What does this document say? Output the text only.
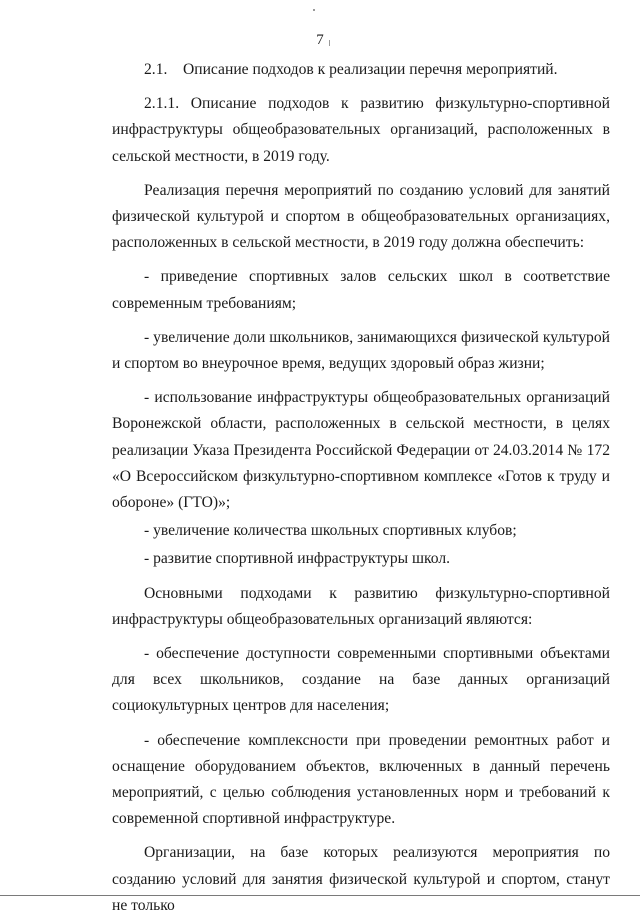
7

2.1.    Описание подходов к реализации перечня мероприятий.

2.1.1. Описание подходов к развитию физкультурно-спортивной инфраструктуры общеобразовательных организаций, расположенных в сельской местности, в 2019 году.

Реализация перечня мероприятий по созданию условий для занятий физической культурой и спортом в общеобразовательных организациях, расположенных в сельской местности, в 2019 году должна обеспечить:

- приведение спортивных залов сельских школ в соответствие современным требованиям;

- увеличение доли школьников, занимающихся физической культурой и спортом во внеурочное время, ведущих здоровый образ жизни;

- использование инфраструктуры общеобразовательных организаций Воронежской области, расположенных в сельской местности, в целях реализации Указа Президента Российской Федерации от 24.03.2014 № 172 «О Всероссийском физкультурно-спортивном комплексе «Готов к труду и обороне» (ГТО)»;

- увеличение количества школьных спортивных клубов;

- развитие спортивной инфраструктуры школ.

Основными подходами к развитию физкультурно-спортивной инфраструктуры общеобразовательных организаций являются:

- обеспечение доступности современными спортивными объектами для всех школьников, создание на базе данных организаций социокультурных центров для населения;

- обеспечение комплексности при проведении ремонтных работ и оснащение оборудованием объектов, включенных в данный перечень мероприятий, с целью соблюдения установленных норм и требований к современной спортивной инфраструктуре.

Организации, на базе которых реализуются мероприятия по созданию условий для занятия физической культурой и спортом, станут не только
